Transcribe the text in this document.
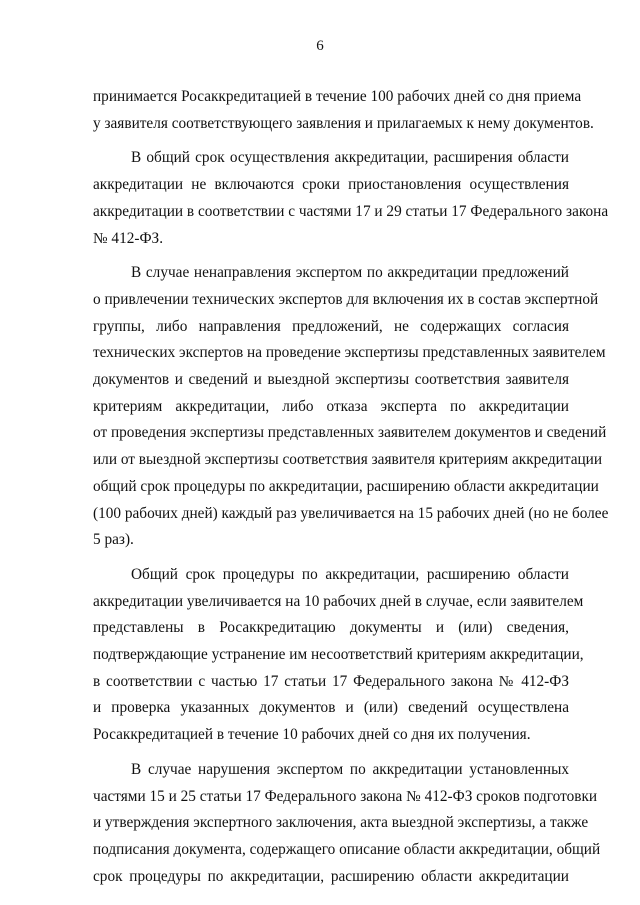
6
принимается Росаккредитацией в течение 100 рабочих дней со дня приема
у заявителя соответствующего заявления и прилагаемых к нему документов.
В общий срок осуществления аккредитации, расширения области
аккредитации не включаются сроки приостановления осуществления
аккредитации в соответствии с частями 17 и 29 статьи 17 Федерального закона
№ 412-ФЗ.
В случае ненаправления экспертом по аккредитации предложений
о привлечении технических экспертов для включения их в состав экспертной
группы, либо направления предложений, не содержащих согласия
технических экспертов на проведение экспертизы представленных заявителем
документов и сведений и выездной экспертизы соответствия заявителя
критериям аккредитации, либо отказа эксперта по аккредитации
от проведения экспертизы представленных заявителем документов и сведений
или от выездной экспертизы соответствия заявителя критериям аккредитации
общий срок процедуры по аккредитации, расширению области аккредитации
(100 рабочих дней) каждый раз увеличивается на 15 рабочих дней (но не более
5 раз).
Общий срок процедуры по аккредитации, расширению области
аккредитации увеличивается на 10 рабочих дней в случае, если заявителем
представлены в Росаккредитацию документы и (или) сведения,
подтверждающие устранение им несоответствий критериям аккредитации,
в соответствии с частью 17 статьи 17 Федерального закона № 412-ФЗ
и проверка указанных документов и (или) сведений осуществлена
Росаккредитацией в течение 10 рабочих дней со дня их получения.
В случае нарушения экспертом по аккредитации установленных
частями 15 и 25 статьи 17 Федерального закона № 412-ФЗ сроков подготовки
и утверждения экспертного заключения, акта выездной экспертизы, а также
подписания документа, содержащего описание области аккредитации, общий
срок процедуры по аккредитации, расширению области аккредитации
